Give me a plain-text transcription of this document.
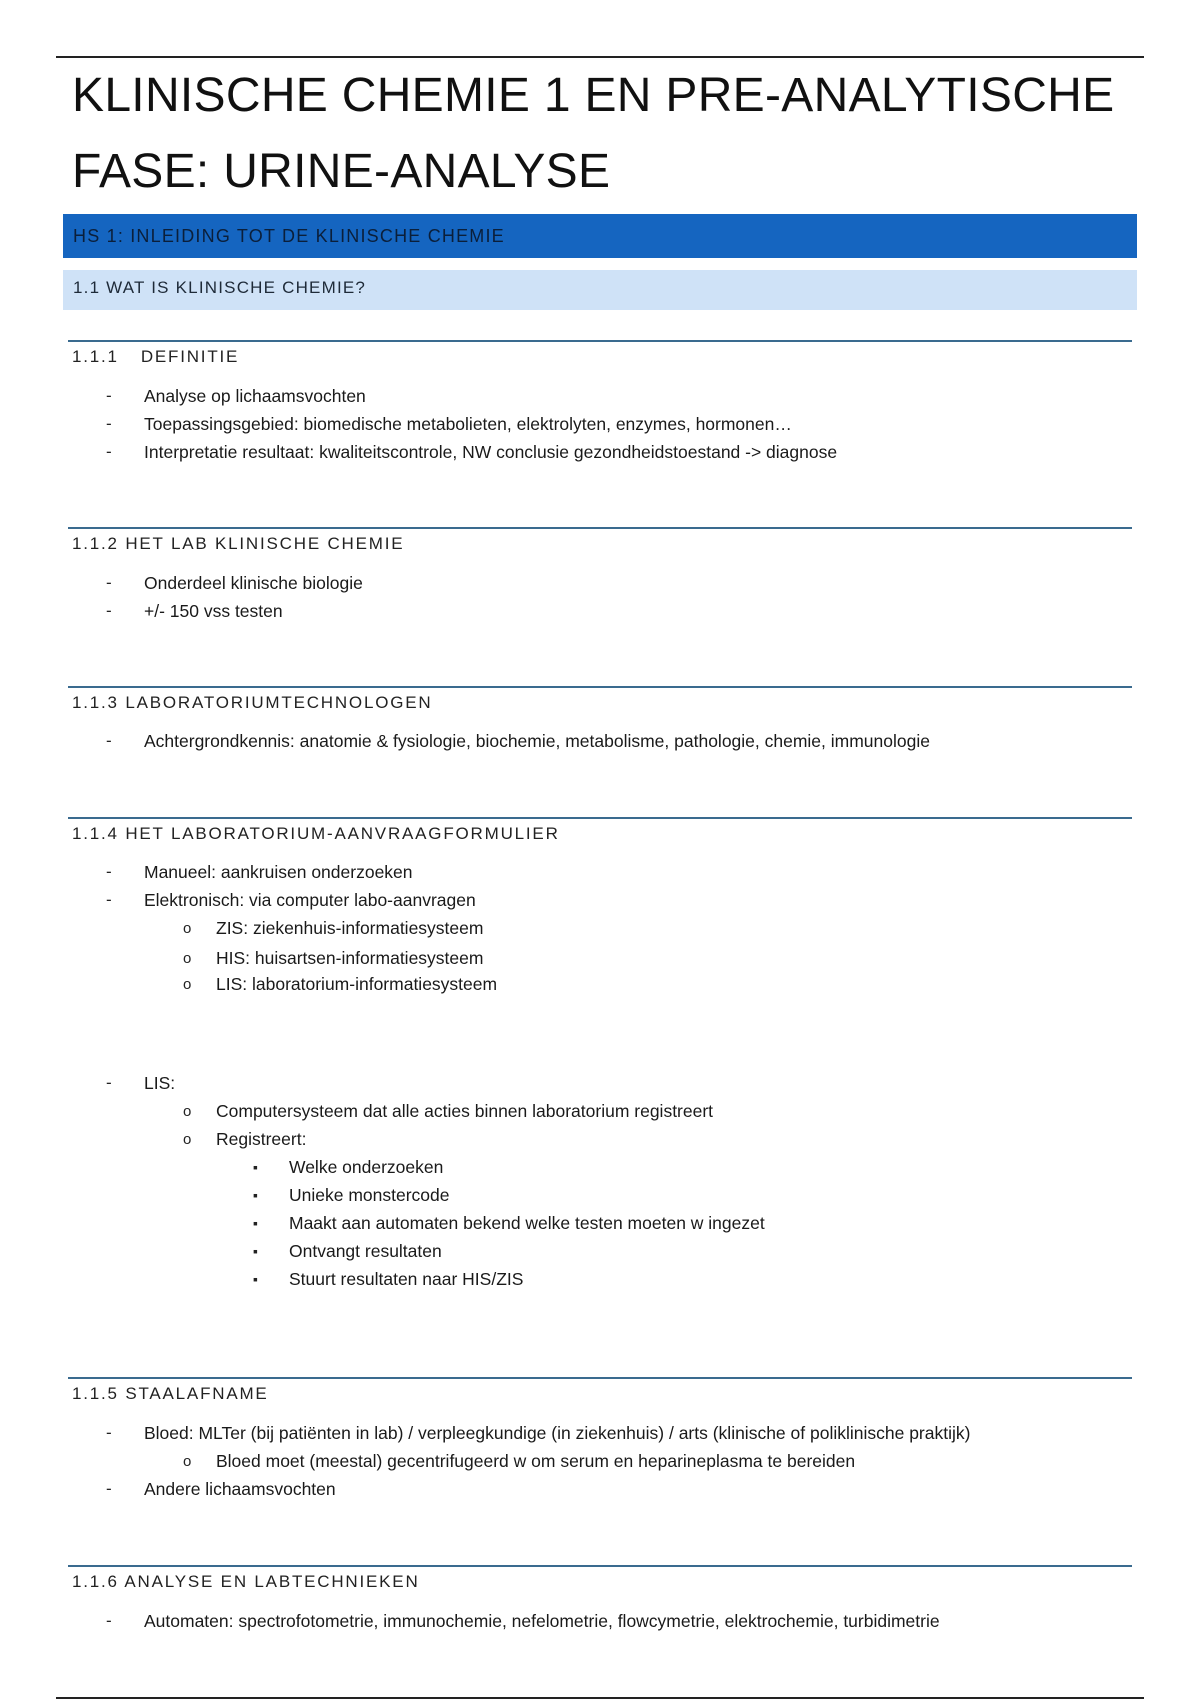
KLINISCHE CHEMIE 1 EN PRE-ANALYTISCHE
FASE: URINE-ANALYSE
HS 1: INLEIDING TOT DE KLINISCHE CHEMIE
1.1 WAT IS KLINISCHE CHEMIE?
1.1.1 DEFINITIE
- Analyse op lichaamsvochten
- Toepassingsgebied: biomedische metabolieten, elektrolyten, enzymes, hormonen…
- Interpretatie resultaat: kwaliteitscontrole, NW conclusie gezondheidstoestand -> diagnose
1.1.2 HET LAB KLINISCHE CHEMIE
- Onderdeel klinische biologie
- +/- 150 vss testen
1.1.3 LABORATORIUMTECHNOLOGEN
- Achtergrondkennis: anatomie & fysiologie, biochemie, metabolisme, pathologie, chemie, immunologie
1.1.4 HET LABORATORIUM-AANVRAAGFORMULIER
- Manueel: aankruisen onderzoeken
- Elektronisch: via computer labo-aanvragen
o ZIS: ziekenhuis-informatiesysteem
o HIS: huisartsen-informatiesysteem
o LIS: laboratorium-informatiesysteem
- LIS:
o Computersysteem dat alle acties binnen laboratorium registreert
o Registreert:
▪ Welke onderzoeken
▪ Unieke monstercode
▪ Maakt aan automaten bekend welke testen moeten w ingezet
▪ Ontvangt resultaten
▪ Stuurt resultaten naar HIS/ZIS
1.1.5 STAALAFNAME
- Bloed: MLTer (bij patiënten in lab) / verpleegkundige (in ziekenhuis) / arts (klinische of poliklinische praktijk)
o Bloed moet (meestal) gecentrifugeerd w om serum en heparineplasma te bereiden
- Andere lichaamsvochten
1.1.6 ANALYSE EN LABTECHNIEKEN
- Automaten: spectrofotometrie, immunochemie, nefelometrie, flowcymetrie, elektrochemie, turbidimetrie
